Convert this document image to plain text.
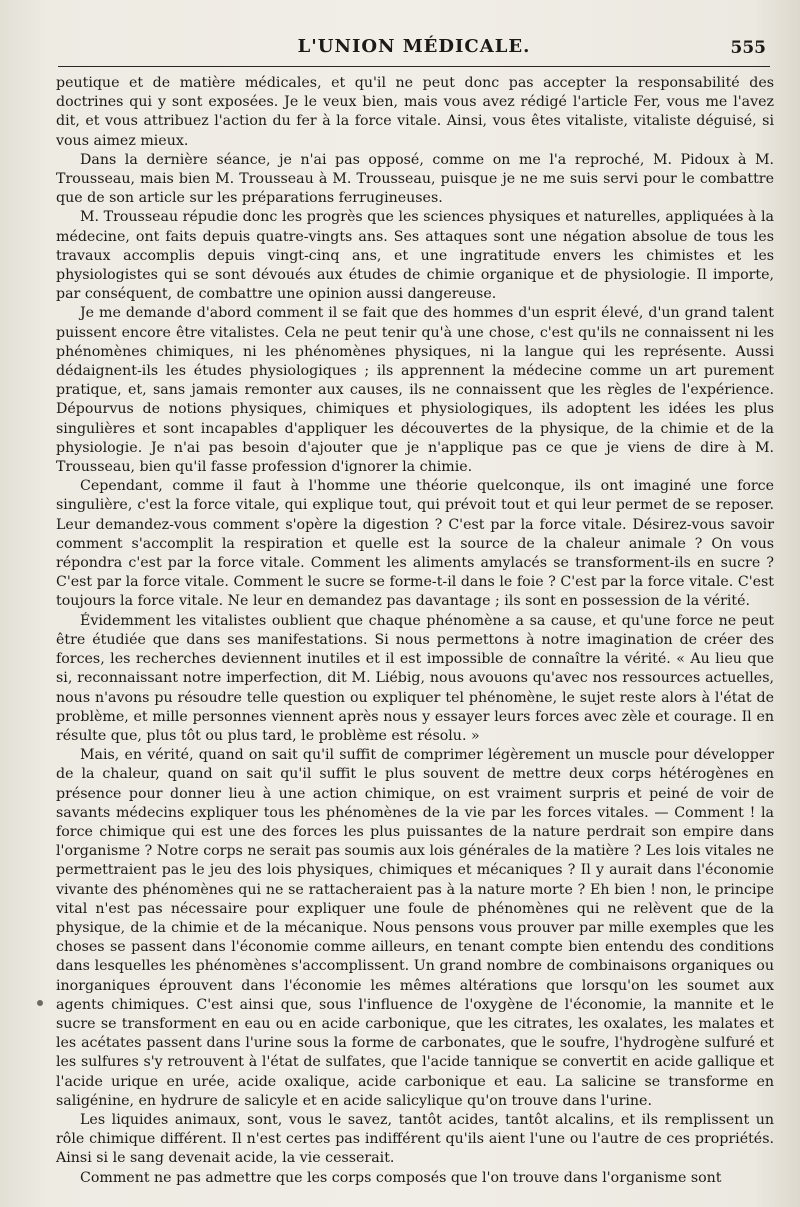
L'UNION MÉDICALE.	555

peutique et de matière médicales, et qu'il ne peut donc pas accepter la responsabilité des doctrines qui y sont exposées. Je le veux bien, mais vous avez rédigé l'article Fer, vous me l'avez dit, et vous attribuez l'action du fer à la force vitale. Ainsi, vous êtes vitaliste, vitaliste déguisé, si vous aimez mieux.

Dans la dernière séance, je n'ai pas opposé, comme on me l'a reproché, M. Pidoux à M. Trousseau, mais bien M. Trousseau à M. Trousseau, puisque je ne me suis servi pour le combattre que de son article sur les préparations ferrugineuses.

M. Trousseau répudie donc les progrès que les sciences physiques et naturelles, appliquées à la médecine, ont faits depuis quatre-vingts ans. Ses attaques sont une négation absolue de tous les travaux accomplis depuis vingt-cinq ans, et une ingratitude envers les chimistes et les physiologistes qui se sont dévoués aux études de chimie organique et de physiologie. Il importe, par conséquent, de combattre une opinion aussi dangereuse.

Je me demande d'abord comment il se fait que des hommes d'un esprit élevé, d'un grand talent puissent encore être vitalistes. Cela ne peut tenir qu'à une chose, c'est qu'ils ne connaissent ni les phénomènes chimiques, ni les phénomènes physiques, ni la langue qui les représente. Aussi dédaignent-ils les études physiologiques ; ils apprennent la médecine comme un art purement pratique, et, sans jamais remonter aux causes, ils ne connaissent que les règles de l'expérience. Dépourvus de notions physiques, chimiques et physiologiques, ils adoptent les idées les plus singulières et sont incapables d'appliquer les découvertes de la physique, de la chimie et de la physiologie. Je n'ai pas besoin d'ajouter que je n'applique pas ce que je viens de dire à M. Trousseau, bien qu'il fasse profession d'ignorer la chimie.

Cependant, comme il faut à l'homme une théorie quelconque, ils ont imaginé une force singulière, c'est la force vitale, qui explique tout, qui prévoit tout et qui leur permet de se reposer. Leur demandez-vous comment s'opère la digestion ? C'est par la force vitale. Désirez-vous savoir comment s'accomplit la respiration et quelle est la source de la chaleur animale ? On vous répondra c'est par la force vitale. Comment les aliments amylacés se transforment-ils en sucre ? C'est par la force vitale. Comment le sucre se forme-t-il dans le foie ? C'est par la force vitale. C'est toujours la force vitale. Ne leur en demandez pas davantage ; ils sont en possession de la vérité.

Évidemment les vitalistes oublient que chaque phénomène a sa cause, et qu'une force ne peut être étudiée que dans ses manifestations. Si nous permettons à notre imagination de créer des forces, les recherches deviennent inutiles et il est impossible de connaître la vérité. « Au lieu que si, reconnaissant notre imperfection, dit M. Liébig, nous avouons qu'avec nos ressources actuelles, nous n'avons pu résoudre telle question ou expliquer tel phénomène, le sujet reste alors à l'état de problème, et mille personnes viennent après nous y essayer leurs forces avec zèle et courage. Il en résulte que, plus tôt ou plus tard, le problème est résolu. »

Mais, en vérité, quand on sait qu'il suffit de comprimer légèrement un muscle pour développer de la chaleur, quand on sait qu'il suffit le plus souvent de mettre deux corps hétérogènes en présence pour donner lieu à une action chimique, on est vraiment surpris et peiné de voir de savants médecins expliquer tous les phénomènes de la vie par les forces vitales. — Comment ! la force chimique qui est une des forces les plus puissantes de la nature perdrait son empire dans l'organisme ? Notre corps ne serait pas soumis aux lois générales de la matière ? Les lois vitales ne permettraient pas le jeu des lois physiques, chimiques et mécaniques ? Il y aurait dans l'économie vivante des phénomènes qui ne se rattacheraient pas à la nature morte ? Eh bien ! non, le principe vital n'est pas nécessaire pour expliquer une foule de phénomènes qui ne relèvent que de la physique, de la chimie et de la mécanique. Nous pensons vous prouver par mille exemples que les choses se passent dans l'économie comme ailleurs, en tenant compte bien entendu des conditions dans lesquelles les phénomènes s'accomplissent. Un grand nombre de combinaisons organiques ou inorganiques éprouvent dans l'économie les mêmes altérations que lorsqu'on les soumet aux agents chimiques. C'est ainsi que, sous l'influence de l'oxygène de l'économie, la mannite et le sucre se transforment en eau ou en acide carbonique, que les citrates, les oxalates, les malates et les acétates passent dans l'urine sous la forme de carbonates, que le soufre, l'hydrogène sulfuré et les sulfures s'y retrouvent à l'état de sulfates, que l'acide tannique se convertit en acide gallique et l'acide urique en urée, acide oxalique, acide carbonique et eau. La salicine se transforme en saligénine, en hydrure de salicyle et en acide salicylique qu'on trouve dans l'urine.

Les liquides animaux, sont, vous le savez, tantôt acides, tantôt alcalins, et ils remplissent un rôle chimique différent. Il n'est certes pas indifférent qu'ils aient l'une ou l'autre de ces propriétés. Ainsi si le sang devenait acide, la vie cesserait.

Comment ne pas admettre que les corps composés que l'on trouve dans l'organisme sont
